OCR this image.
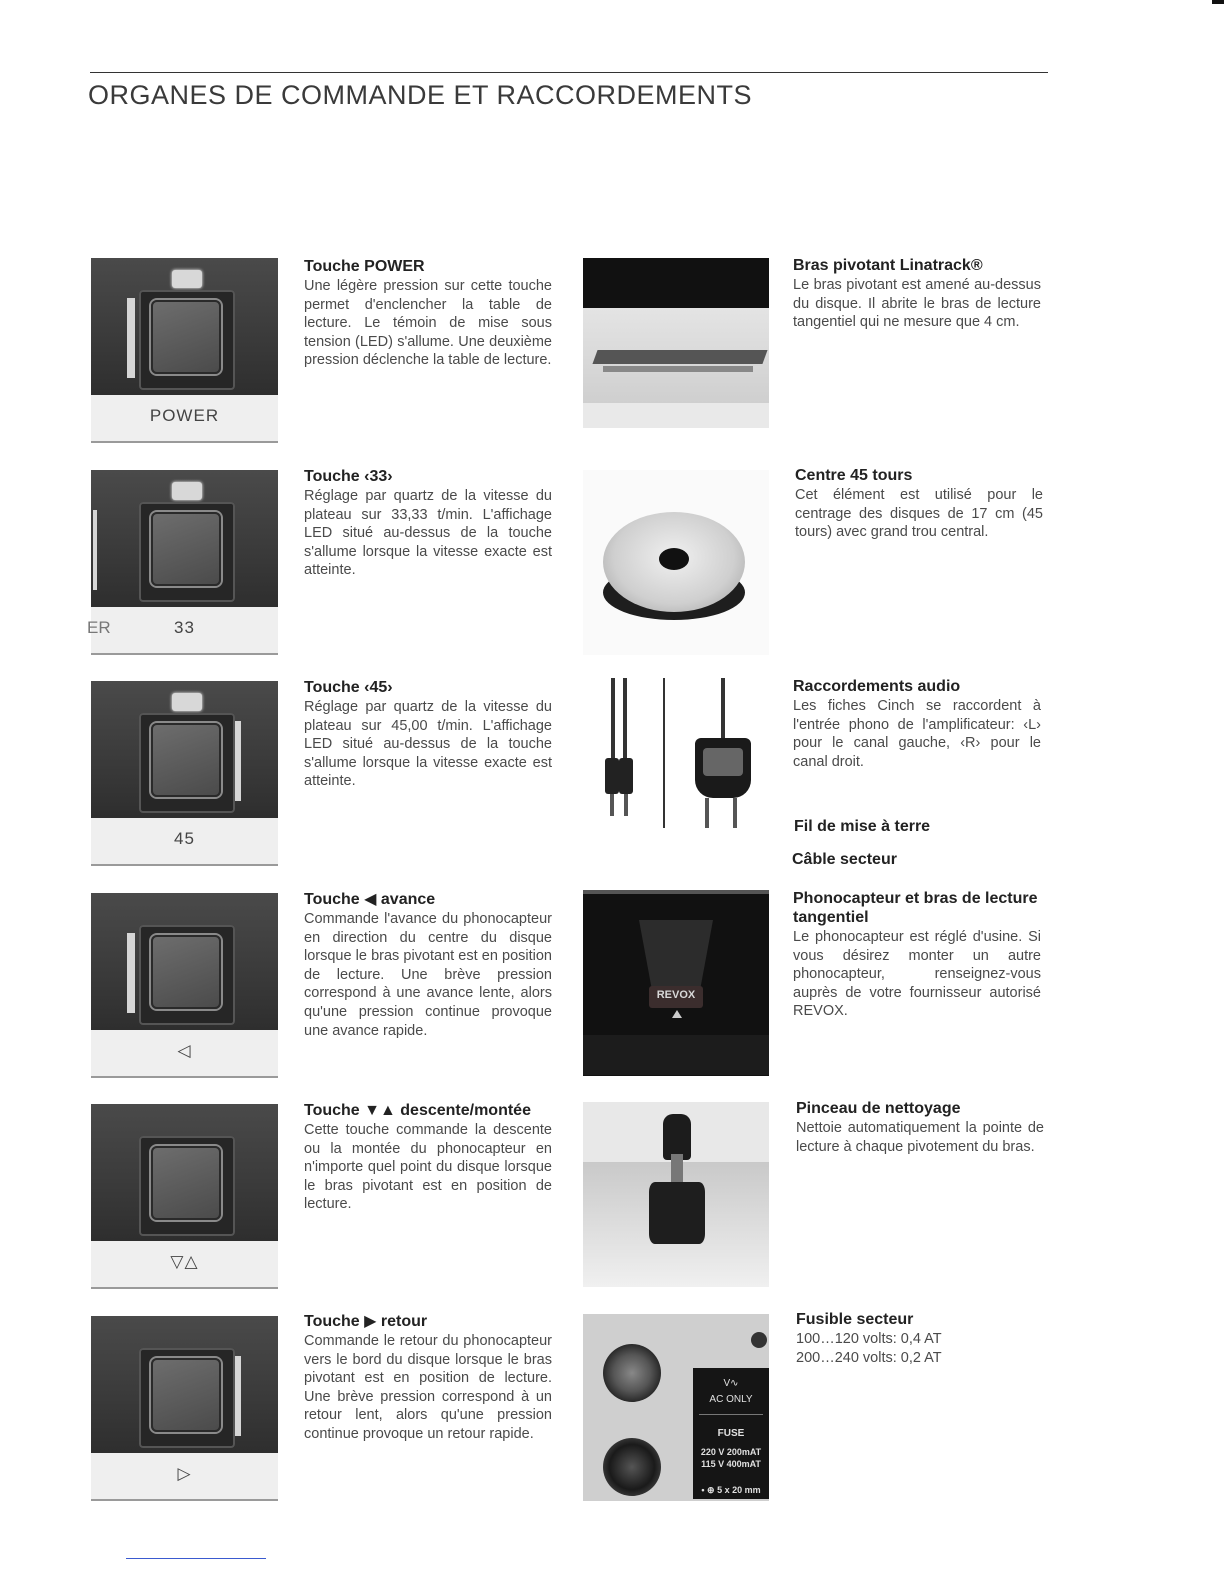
ORGANES DE COMMANDE ET RACCORDEMENTS
POWER

Touche POWER

Une légère pression sur cette touche permet d'enclencher la table de lecture. Le témoin de mise sous tension (LED) s'allume. Une deuxième pression déclenche la table de lecture.

ER	33

Touche ‹33›

Réglage par quartz de la vitesse du plateau sur 33,33 t/min. L'affichage LED situé au-dessus de la touche s'allume lorsque la vitesse exacte est atteinte.

45

Touche ‹45›

Réglage par quartz de la vitesse du plateau sur 45,00 t/min. L'affichage LED situé au-dessus de la touche s'allume lorsque la vitesse exacte est atteinte.

◁

Touche ◀ avance

Commande l'avance du phonocapteur en direction du centre du disque lorsque le bras pivotant est en position de lecture. Une brève pression correspond à une avance lente, alors qu'une pression continue provoque une avance rapide.

▽△

Touche ▼▲ descente/montée

Cette touche commande la descente ou la montée du phonocapteur en n'importe quel point du disque lorsque le bras pivotant est en position de lecture.

▷

Touche ▶ retour

Commande le retour du phonocapteur vers le bord du disque lorsque le bras pivotant est en position de lecture. Une brève pression correspond à un retour lent, alors qu'une pression continue provoque un retour rapide.

Bras pivotant Linatrack®

Le bras pivotant est amené au-dessus du disque. Il abrite le bras de lecture tangentiel qui ne mesure que 4 cm.

Centre 45 tours

Cet élément est utilisé pour le centrage des disques de 17 cm (45 tours) avec grand trou central.

Raccordements audio

Les fiches Cinch se raccordent à l'entrée phono de l'amplificateur: ‹L› pour le canal gauche, ‹R› pour le canal droit.

Fil de mise à terre

Câble secteur

REVOX

Phonocapteur et bras de lecture tangentiel

Le phonocapteur est réglé d'usine. Si vous désirez monter un autre phonocapteur, renseignez-vous auprès de votre fournisseur autorisé REVOX.

Pinceau de nettoyage

Nettoie automatiquement la pointe de lecture à chaque pivotement du bras.

V∿
AC ONLY
FUSE
220 V 200mAT
115 V 400mAT
• ⊕ 5 x 20 mm

Fusible secteur

100…120 volts: 0,4 AT

200…240 volts: 0,2 AT
